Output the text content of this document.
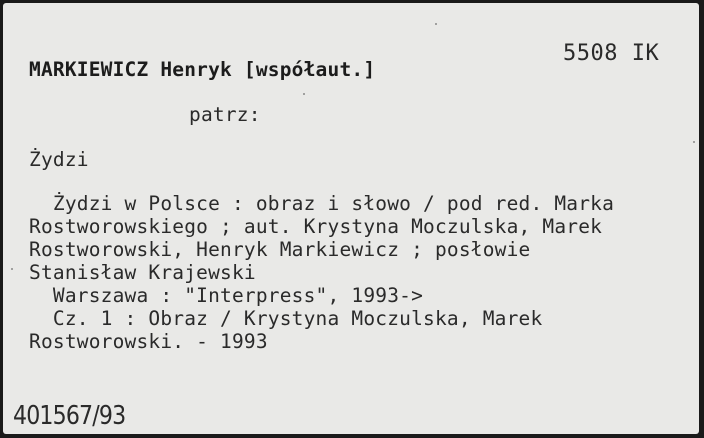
MARKIEWICZ Henryk [współaut.]
5508 IK
patrz:
Żydzi
Żydzi w Polsce : obraz i słowo / pod red. Marka
Rostworowskiego ; aut. Krystyna Moczulska, Marek
Rostworowski, Henryk Markiewicz ; posłowie
Stanisław Krajewski
Warszawa : "Interpress", 1993->
Cz. 1 : Obraz / Krystyna Moczulska, Marek
Rostworowski. - 1993
401567/93
